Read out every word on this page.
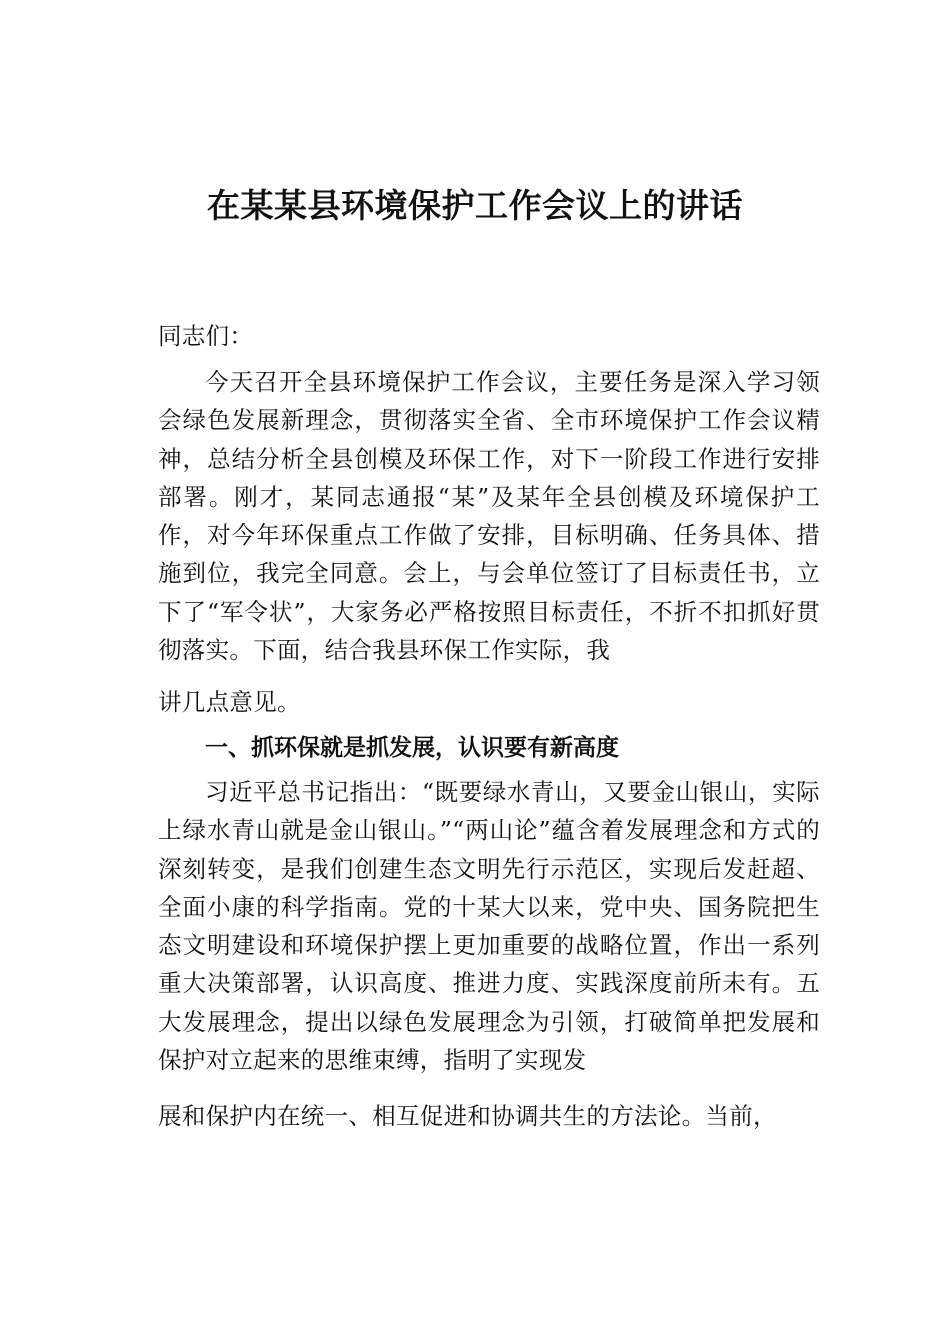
在某某县环境保护工作会议上的讲话
同志们：
今天召开全县环境保护工作会议，主要任务是深入学习领会绿色发展新理念，贯彻落实全省、全市环境保护工作会议精神，总结分析全县创模及环保工作，对下一阶段工作进行安排部署。刚才，某同志通报“某”及某年全县创模及环境保护工作，对今年环保重点工作做了安排，目标明确、任务具体、措施到位，我完全同意。会上，与会单位签订了目标责任书，立下了“军令状”，大家务必严格按照目标责任，不折不扣抓好贯彻落实。下面，结合我县环保工作实际，我
讲几点意见。
一、抓环保就是抓发展，认识要有新高度
习近平总书记指出：“既要绿水青山，又要金山银山，实际上绿水青山就是金山银山。”“两山论”蕴含着发展理念和方式的深刻转变，是我们创建生态文明先行示范区，实现后发赶超、全面小康的科学指南。党的十某大以来，党中央、国务院把生态文明建设和环境保护摆上更加重要的战略位置，作出一系列重大决策部署，认识高度、推进力度、实践深度前所未有。五大发展理念，提出以绿色发展理念为引领，打破简单把发展和保护对立起来的思维束缚，指明了实现发
展和保护内在统一、相互促进和协调共生的方法论。当前，
